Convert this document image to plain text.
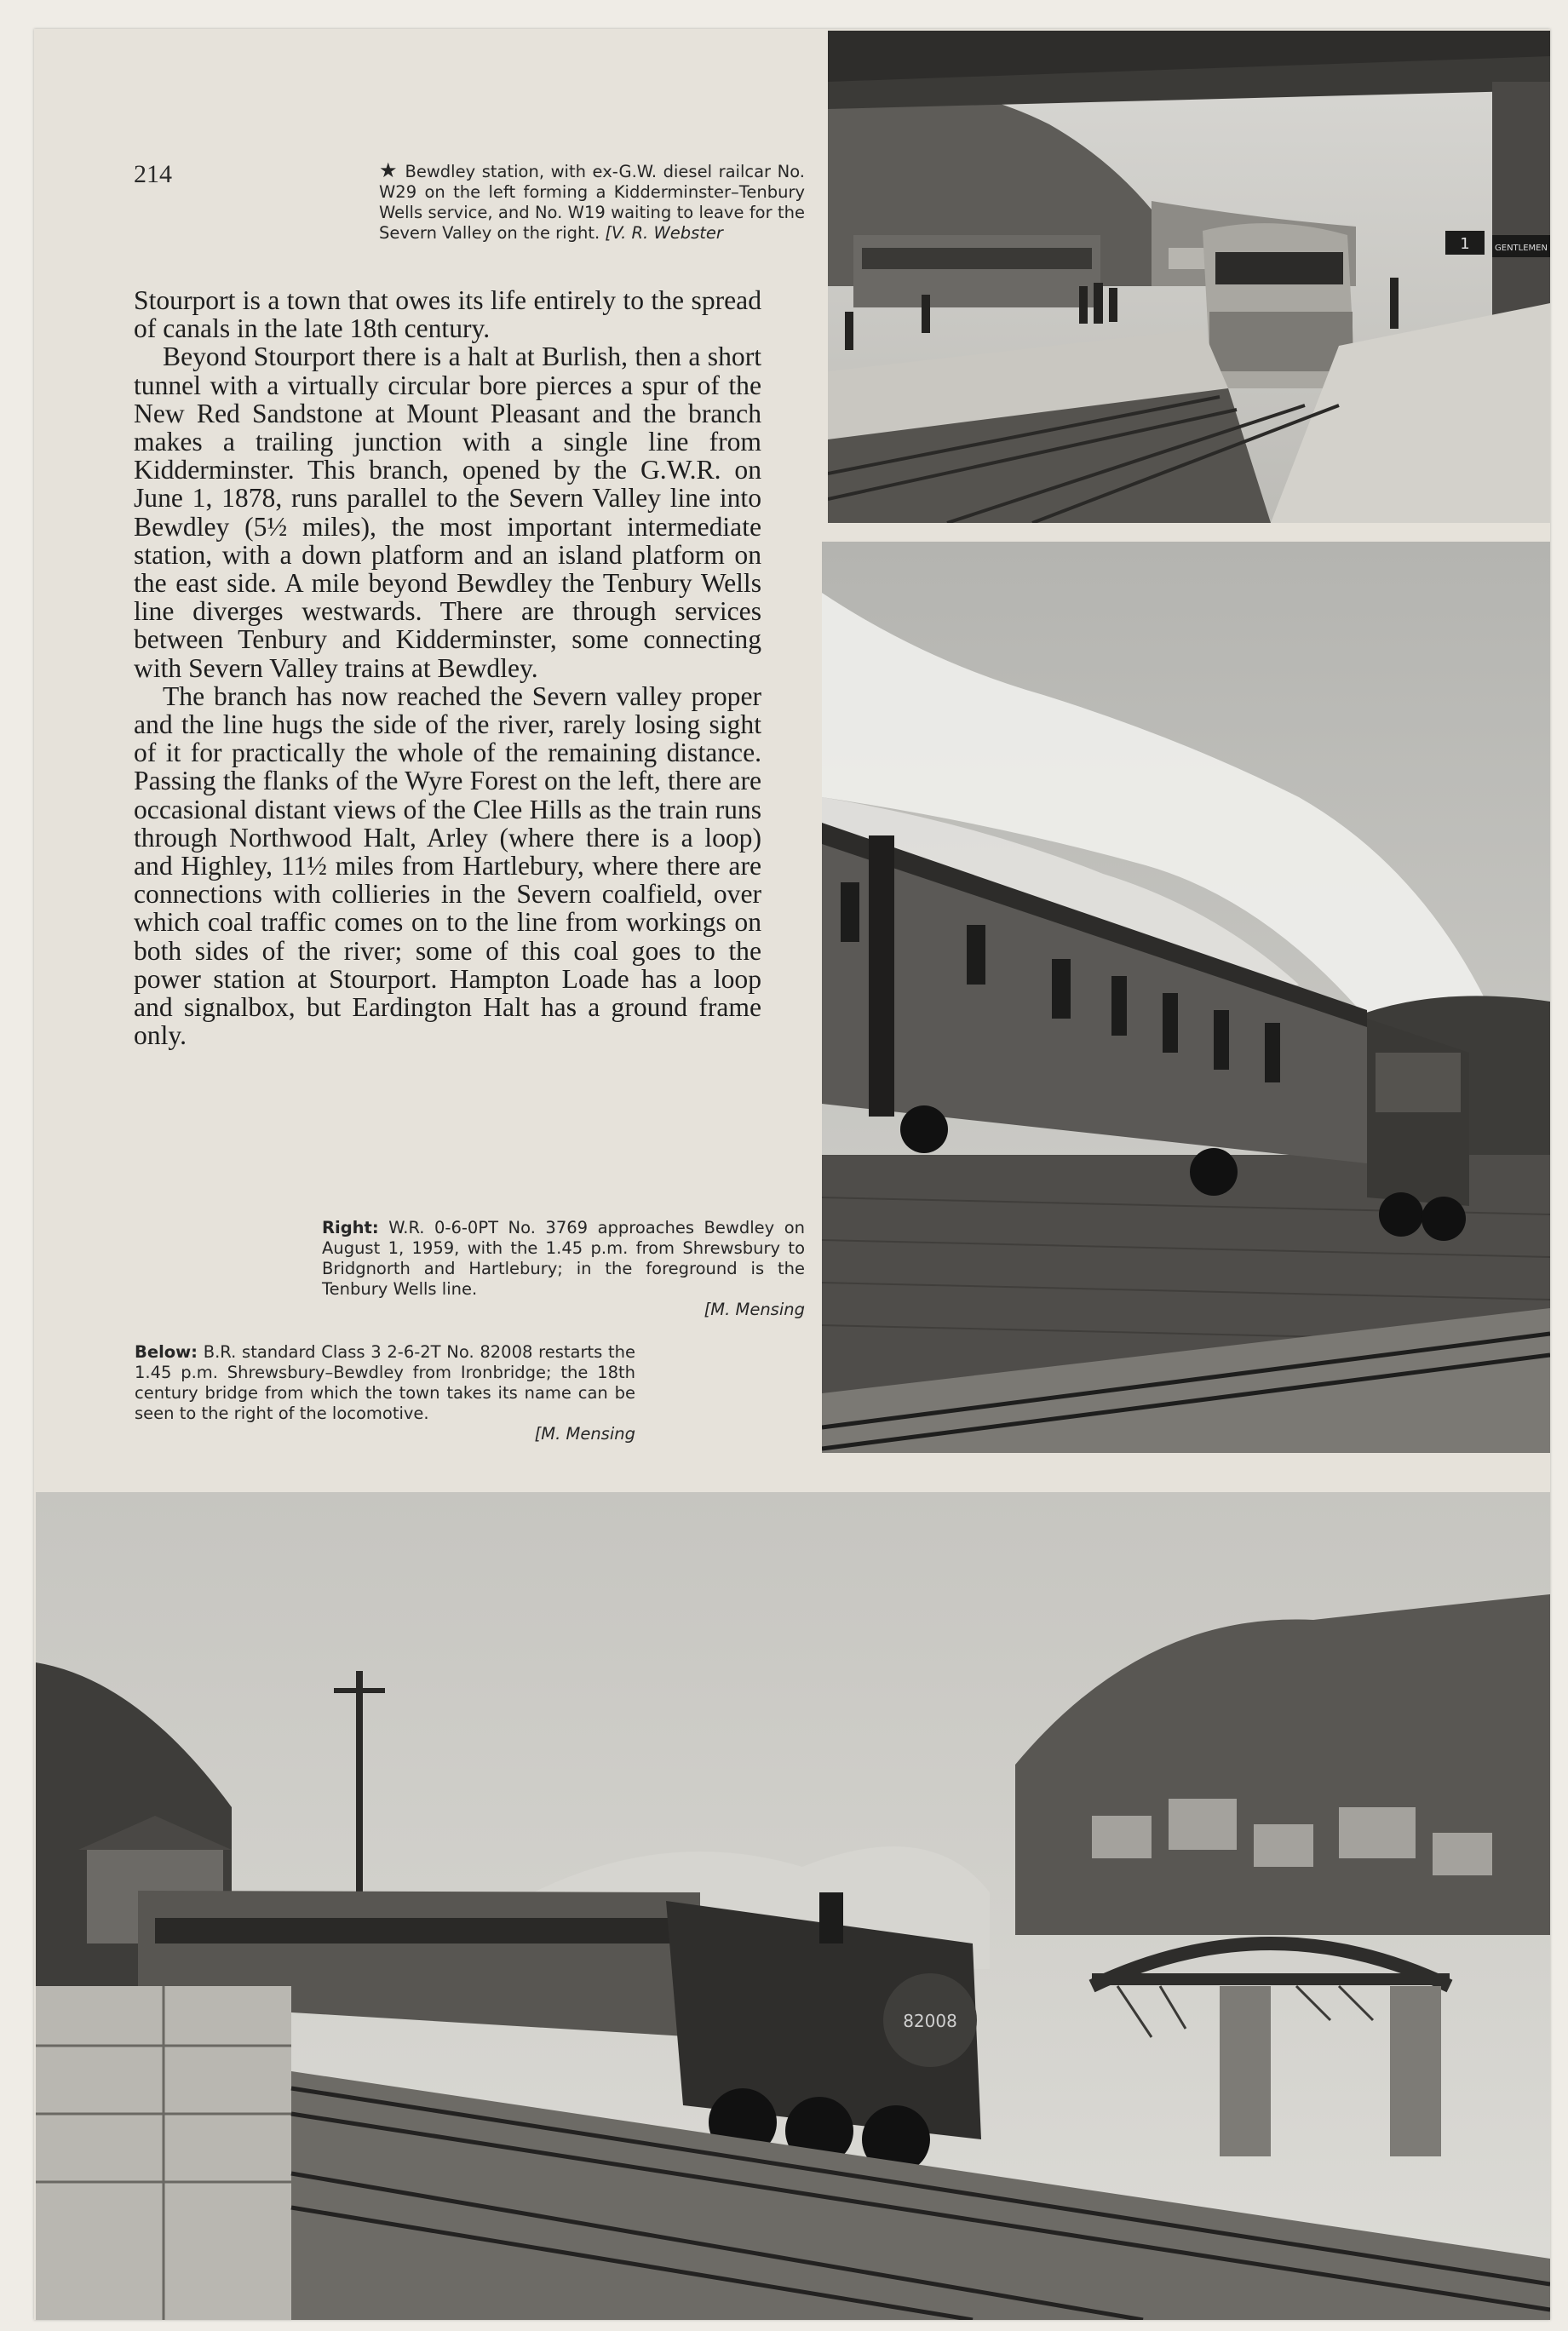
214	★ Bewdley station, with ex-G.W. diesel railcar No. W29 on the left forming a Kidderminster–Tenbury Wells service, and No. W19 waiting to leave for the Severn Valley on the right. [V. R. Webster

Stourport is a town that owes its life entirely to the spread of canals in the late 18th century.

Beyond Stourport there is a halt at Burlish, then a short tunnel with a virtually circular bore pierces a spur of the New Red Sandstone at Mount Pleasant and the branch makes a trailing junction with a single line from Kidderminster. This branch, opened by the G.W.R. on June 1, 1878, runs parallel to the Severn Valley line into Bewdley (5½ miles), the most important intermediate station, with a down platform and an island platform on the east side. A mile beyond Bewdley the Tenbury Wells line diverges westwards. There are through services between Tenbury and Kidderminster, some connecting with Severn Valley trains at Bewdley.

The branch has now reached the Severn valley proper and the line hugs the side of the river, rarely losing sight of it for practically the whole of the remaining distance. Passing the flanks of the Wyre Forest on the left, there are occasional distant views of the Clee Hills as the train runs through Northwood Halt, Arley (where there is a loop) and Highley, 11½ miles from Hartlebury, where there are connections with collieries in the Severn coalfield, over which coal traffic comes on to the line from workings on both sides of the river; some of this coal goes to the power station at Stourport. Hampton Loade has a loop and signalbox, but Eardington Halt has a ground frame only.

Right: W.R. 0-6-0PT No. 3769 approaches Bewdley on August 1, 1959, with the 1.45 p.m. from Shrewsbury to Bridgnorth and Hartlebury; in the foreground is the Tenbury Wells line.
[M. Mensing
Below: B.R. standard Class 3 2-6-2T No. 82008 restarts the 1.45 p.m. Shrewsbury–Bewdley from Ironbridge; the 18th century bridge from which the town takes its name can be seen to the right of the locomotive.
[M. Mensing
1	GENTLEMEN
82008
